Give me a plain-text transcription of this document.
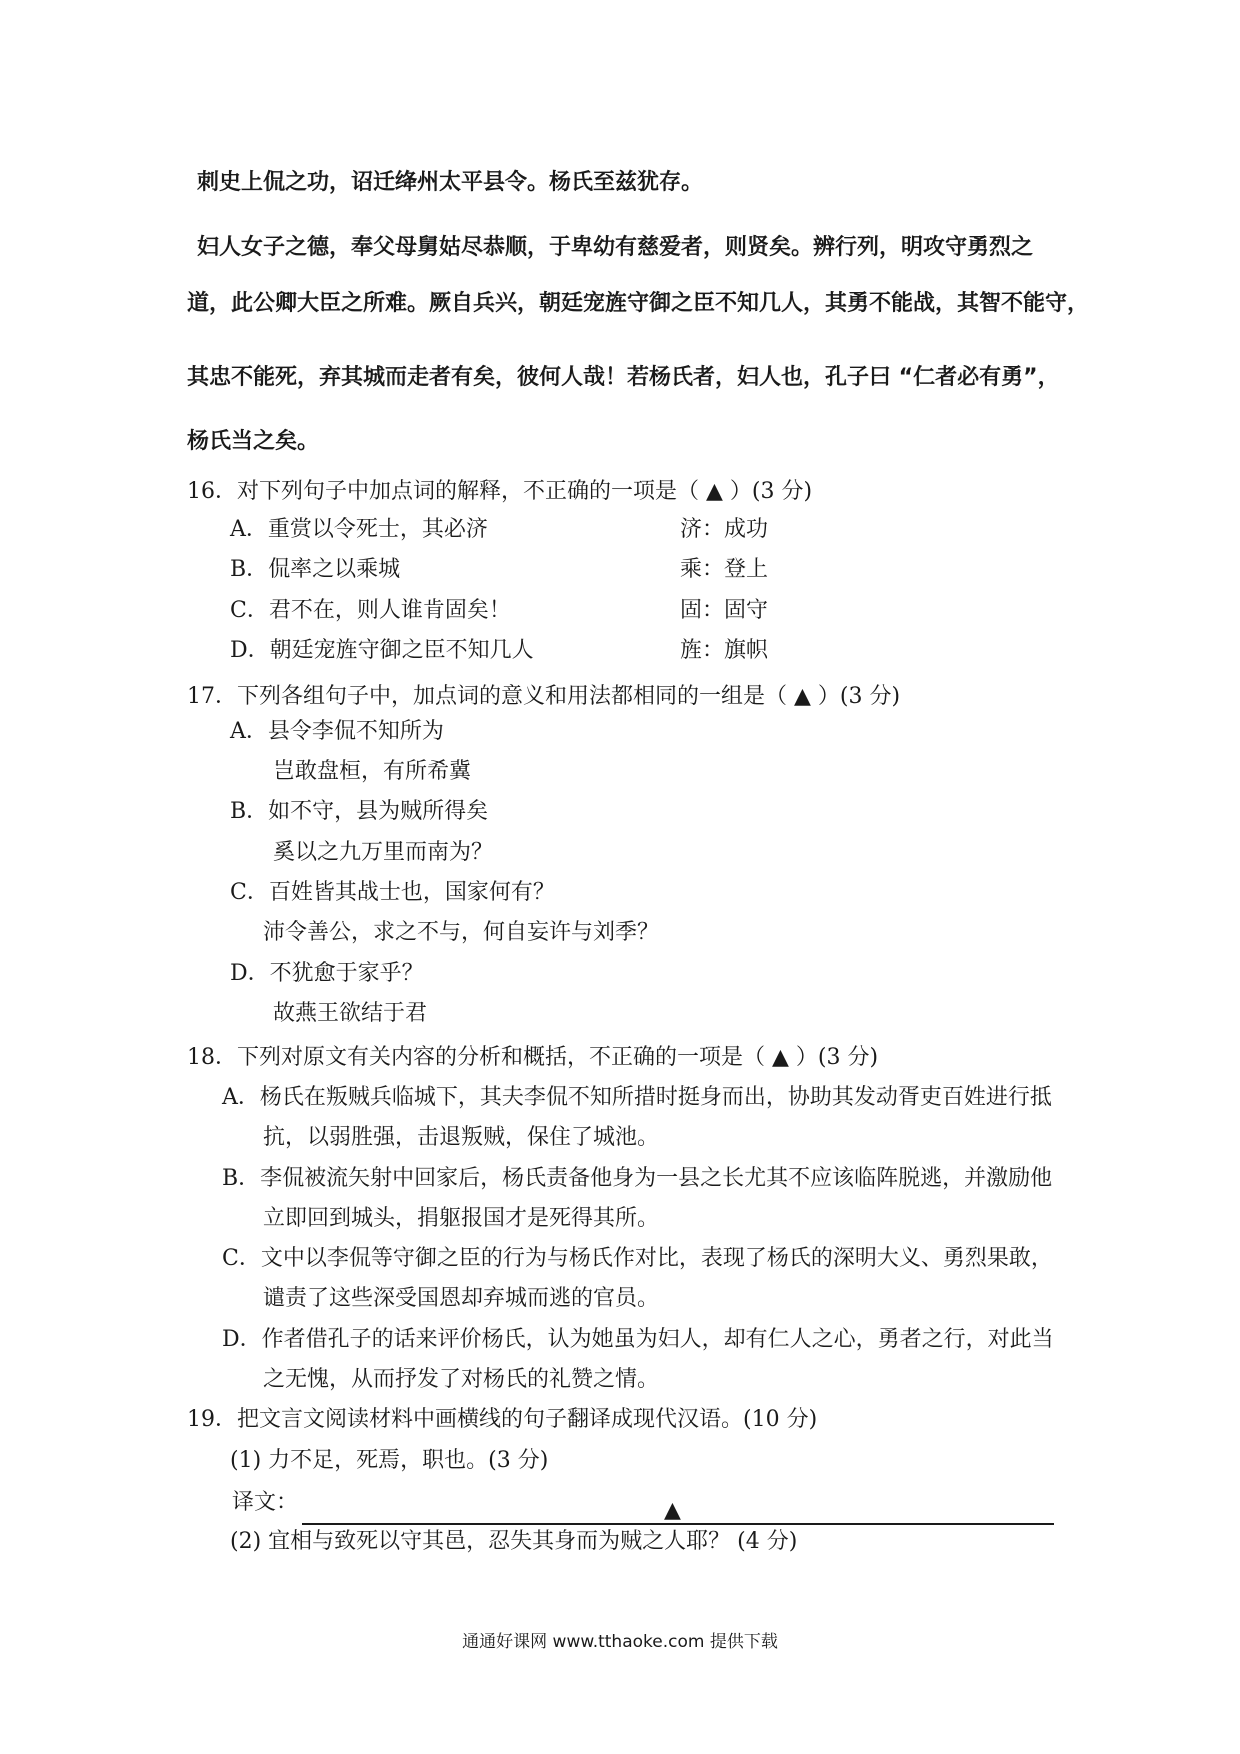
刺史上侃之功，诏迁绛州太平县令。杨氏至兹犹存。
妇人女子之德，奉父母舅姑尽恭顺，于卑幼有慈爱者，则贤矣。辨行列，明攻守勇烈之
道，此公卿大臣之所难。厥自兵兴，朝廷宠旌守御之臣不知几人，其勇不能战，其智不能守，
其忠不能死，弃其城而走者有矣，彼何人哉！若杨氏者，妇人也，孔子曰 “仁者必有勇”，
杨氏当之矣。
16．对下列句子中加点词的解释，不正确的一项是（ ▲ ）(3 分)
A．重赏以令死士，其必济	济：成功
B．侃率之以乘城	乘：登上
C．君不在，则人谁肯固矣！	固：固守
D．朝廷宠旌守御之臣不知几人	旌：旗帜
17．下列各组句子中，加点词的意义和用法都相同的一组是（ ▲ ）(3 分)
A．县令李侃不知所为
岂敢盘桓，有所希冀
B．如不守，县为贼所得矣
奚以之九万里而南为？
C．百姓皆其战士也，国家何有？
沛令善公，求之不与，何自妄许与刘季？
D．不犹愈于家乎？
故燕王欲结于君
18．下列对原文有关内容的分析和概括，不正确的一项是（ ▲ ）(3 分)
A．杨氏在叛贼兵临城下，其夫李侃不知所措时挺身而出，协助其发动胥吏百姓进行抵
抗，以弱胜强，击退叛贼，保住了城池。
B．李侃被流矢射中回家后，杨氏责备他身为一县之长尤其不应该临阵脱逃，并激励他
立即回到城头，捐躯报国才是死得其所。
C．文中以李侃等守御之臣的行为与杨氏作对比，表现了杨氏的深明大义、勇烈果敢，
谴责了这些深受国恩却弃城而逃的官员。
D．作者借孔子的话来评价杨氏，认为她虽为妇人，却有仁人之心，勇者之行，对此当
之无愧，从而抒发了对杨氏的礼赞之情。
19．把文言文阅读材料中画横线的句子翻译成现代汉语。(10 分)
(1) 力不足，死焉，职也。(3 分)
译文：	▲
(2) 宜相与致死以守其邑，忍失其身而为贼之人耶？ (4 分)
通通好课网 www.tthaoke.com 提供下载
